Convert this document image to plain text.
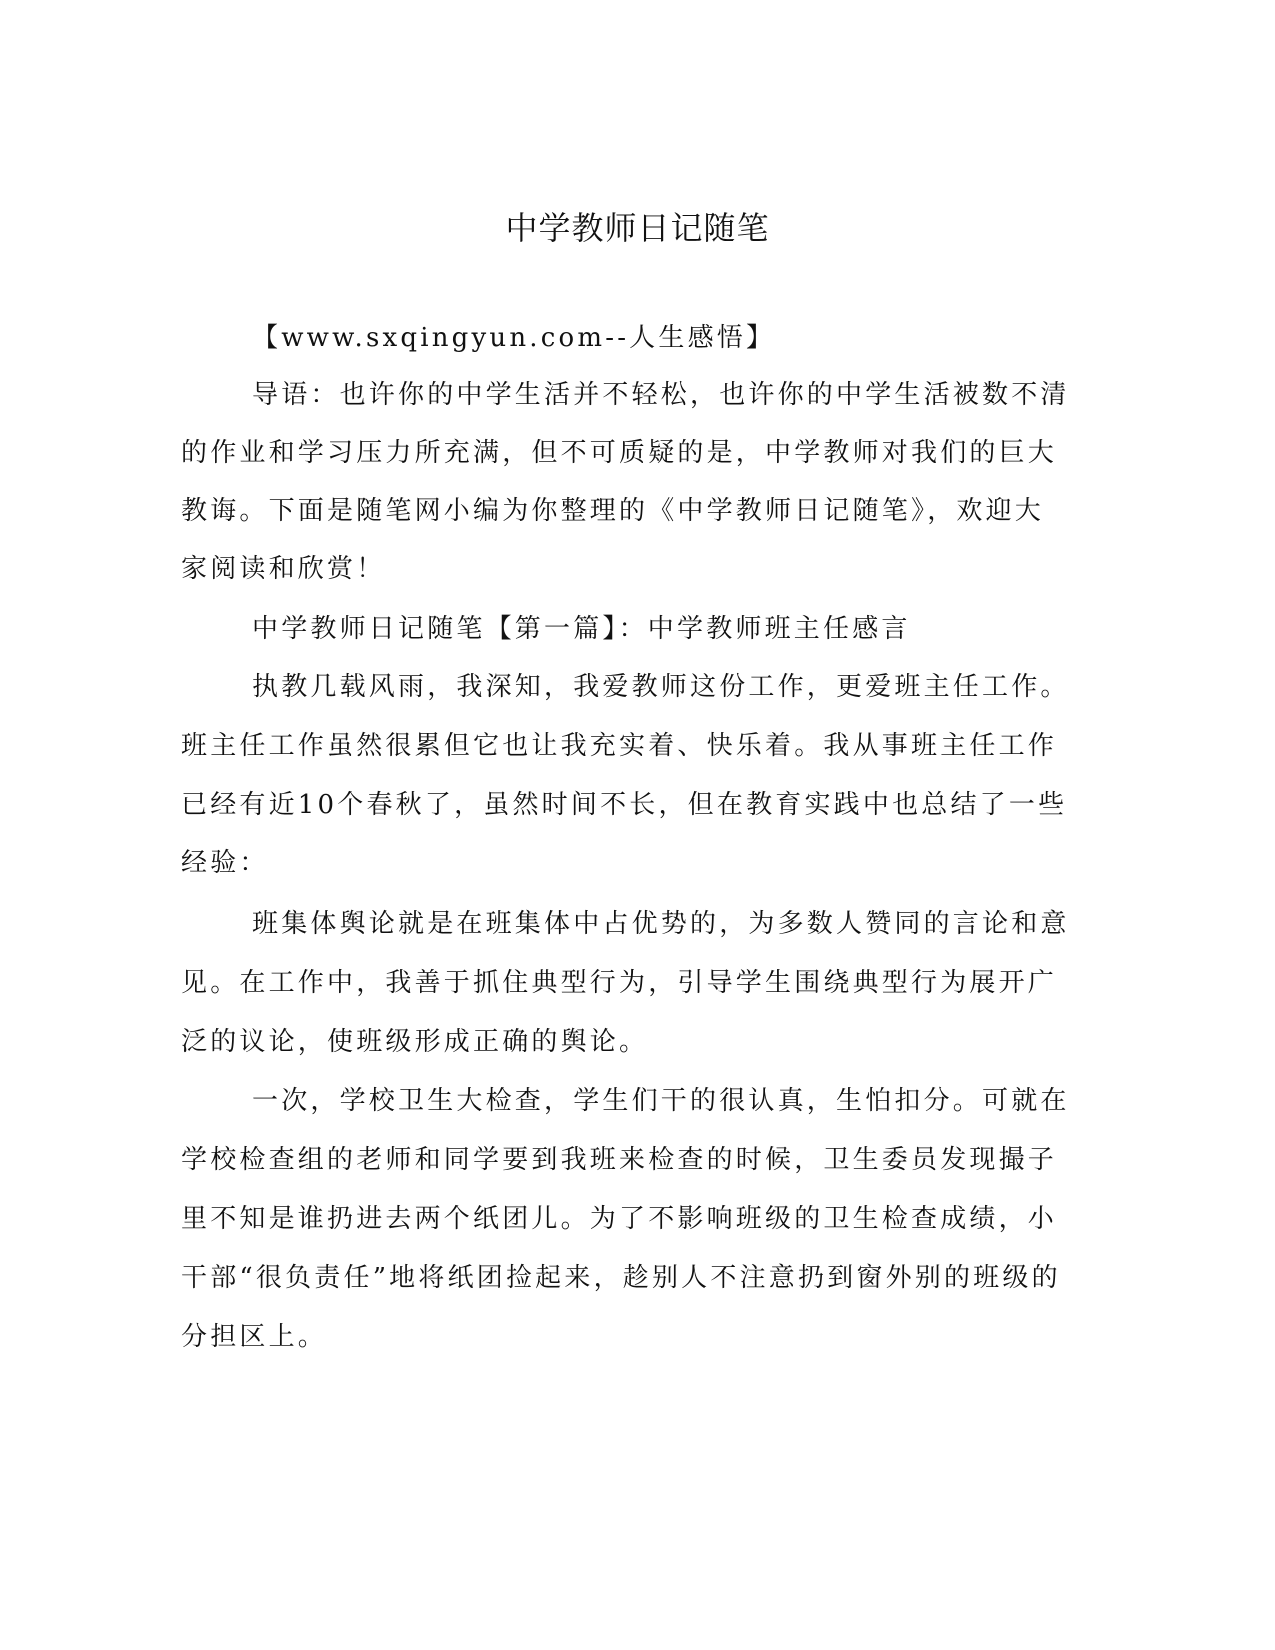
中学教师日记随笔
【www.sxqingyun.com--人生感悟】
导语：也许你的中学生活并不轻松，也许你的中学生活被数不清
的作业和学习压力所充满，但不可质疑的是，中学教师对我们的巨大
教诲。下面是随笔网小编为你整理的《中学教师日记随笔》，欢迎大
家阅读和欣赏！
中学教师日记随笔【第一篇】：中学教师班主任感言
执教几载风雨，我深知，我爱教师这份工作，更爱班主任工作。
班主任工作虽然很累但它也让我充实着、快乐着。我从事班主任工作
已经有近10个春秋了，虽然时间不长，但在教育实践中也总结了一些
经验：
班集体舆论就是在班集体中占优势的，为多数人赞同的言论和意
见。在工作中，我善于抓住典型行为，引导学生围绕典型行为展开广
泛的议论，使班级形成正确的舆论。
一次，学校卫生大检查，学生们干的很认真，生怕扣分。可就在
学校检查组的老师和同学要到我班来检查的时候，卫生委员发现撮子
里不知是谁扔进去两个纸团儿。为了不影响班级的卫生检查成绩，小
干部“很负责任”地将纸团捡起来，趁别人不注意扔到窗外别的班级的
分担区上。
